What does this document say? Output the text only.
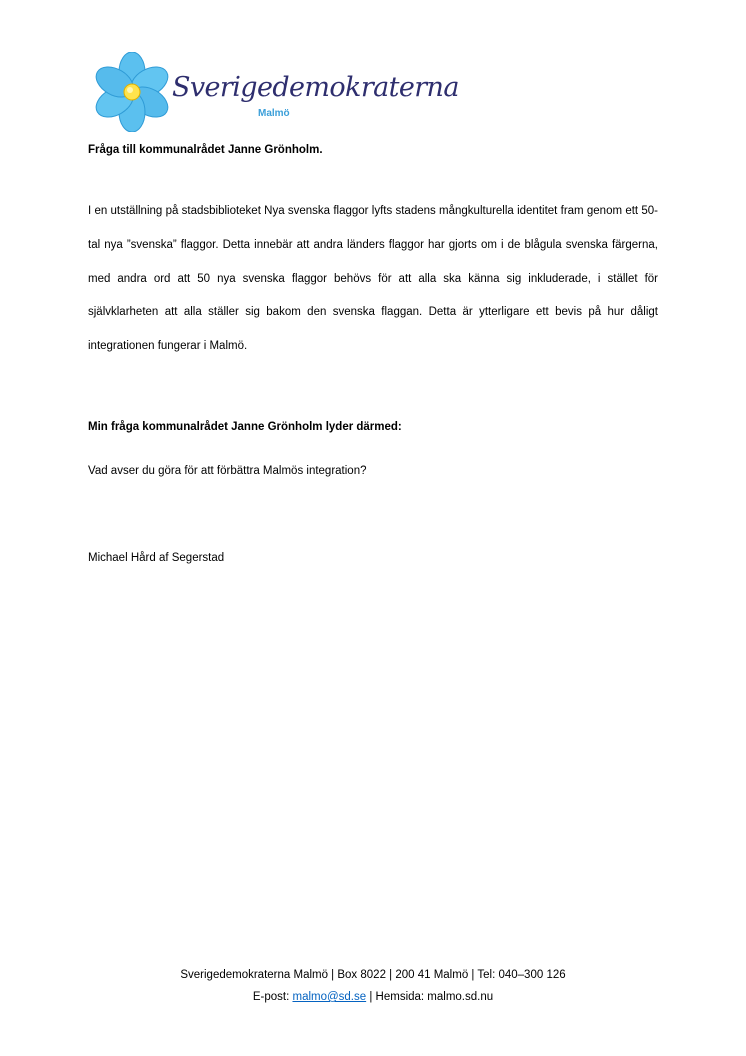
Sverigedemokraterna
Malmö
Fråga till kommunalrådet Janne Grönholm.
I en utställning på stadsbiblioteket Nya svenska flaggor lyfts stadens mångkulturella identitet fram genom ett 50-tal nya ”svenska” flaggor. Detta innebär att andra länders flaggor har gjorts om i de blågula svenska färgerna, med andra ord att 50 nya svenska flaggor behövs för att alla ska känna sig inkluderade, i stället för självklarheten att alla ställer sig bakom den svenska flaggan. Detta är ytterligare ett bevis på hur dåligt integrationen fungerar i Malmö.
Min fråga kommunalrådet Janne Grönholm lyder därmed:
Vad avser du göra för att förbättra Malmös integration?
Michael Hård af Segerstad
Sverigedemokraterna Malmö | Box 8022 | 200 41 Malmö | Tel: 040–300 126
E-post: malmo@sd.se | Hemsida: malmo.sd.nu
